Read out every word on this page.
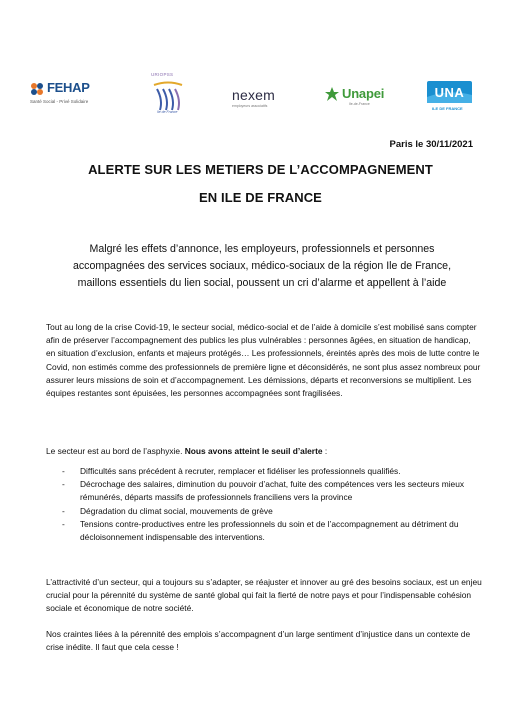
FEHAP
Santé Social - Privé Solidaire
URIOPSS
Ile de France
nexem
employeurs associatifs
Unapei
Ile-de-France
UNA
ILE DE FRANCE
Paris le 30/11/2021
ALERTE SUR LES METIERS DE L’ACCOMPAGNEMENT
EN ILE DE FRANCE
Malgré les effets d’annonce, les employeurs, professionnels et personnes accompagnées des services sociaux, médico-sociaux de la région Ile de France, maillons essentiels du lien social, poussent un cri d’alarme et appellent à l’aide
Tout au long de la crise Covid-19, le secteur social, médico-social et de l’aide à domicile s’est mobilisé sans compter afin de préserver l’accompagnement des publics les plus vulnérables : personnes âgées, en situation de handicap, en situation d’exclusion, enfants et majeurs protégés… Les professionnels, éreintés après des mois de lutte contre le Covid, non estimés comme des professionnels de première ligne et déconsidérés, ne sont plus assez nombreux pour assurer leurs missions de soin et d’accompagnement. Les démissions, départs et reconversions se multiplient. Les équipes restantes sont épuisées, les personnes accompagnées sont fragilisées.
Le secteur est au bord de l’asphyxie. Nous avons atteint le seuil d’alerte :
- Difficultés sans précédent à recruter, remplacer et fidéliser les professionnels qualifiés.
- Décrochage des salaires, diminution du pouvoir d’achat, fuite des compétences vers les secteurs mieux rémunérés, départs massifs de professionnels franciliens vers la province
- Dégradation du climat social, mouvements de grève
- Tensions contre-productives entre les professionnels du soin et de l’accompagnement au détriment du décloisonnement indispensable des interventions.
L’attractivité d’un secteur, qui a toujours su s’adapter, se réajuster et innover au gré des besoins sociaux, est un enjeu crucial pour la pérennité du système de santé global qui fait la fierté de notre pays et pour l’indispensable cohésion sociale et économique de notre société.
Nos craintes liées à la pérennité des emplois s’accompagnent d’un large sentiment d’injustice dans un contexte de crise inédite. Il faut que cela cesse !
